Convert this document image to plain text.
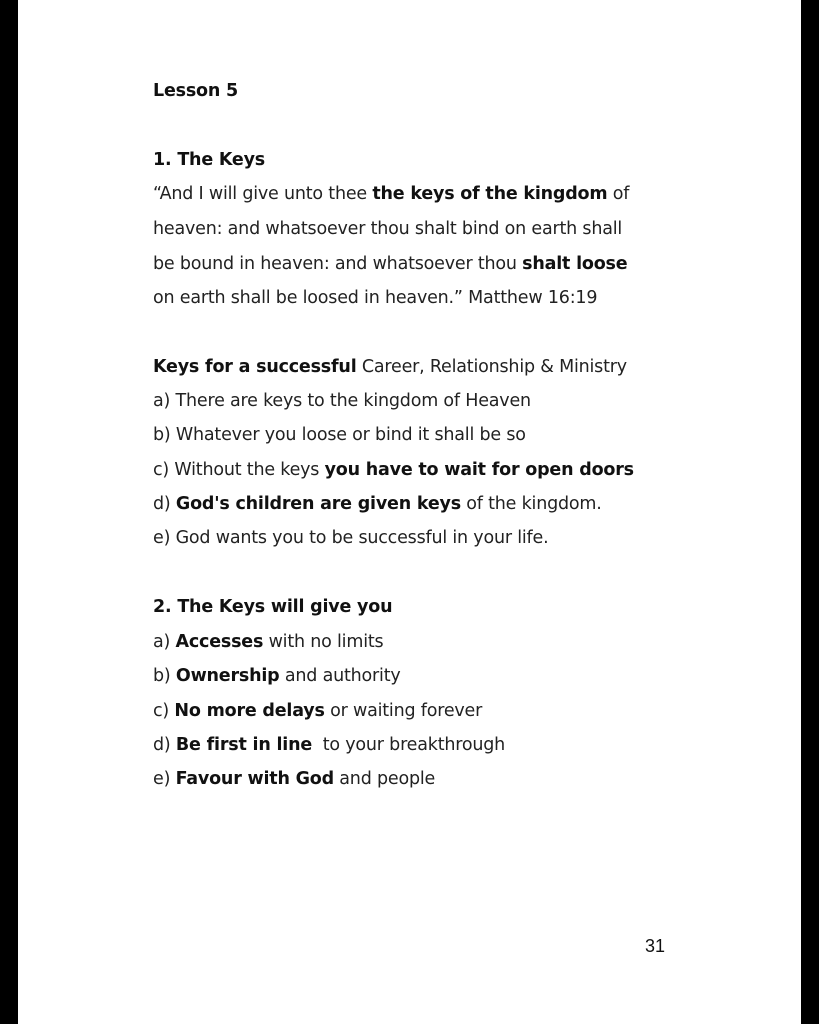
Lesson 5
1. The Keys
“And I will give unto thee the keys of the kingdom of
heaven: and whatsoever thou shalt bind on earth shall
be bound in heaven: and whatsoever thou shalt loose
on earth shall be loosed in heaven.” Matthew 16:19
Keys for a successful Career, Relationship & Ministry
a) There are keys to the kingdom of Heaven
b) Whatever you loose or bind it shall be so
c) Without the keys you have to wait for open doors
d) God's children are given keys of the kingdom.
e) God wants you to be successful in your life.
2. The Keys will give you
a) Accesses with no limits
b) Ownership and authority
c) No more delays or waiting forever
d) Be first in line  to your breakthrough
e) Favour with God and people
31
